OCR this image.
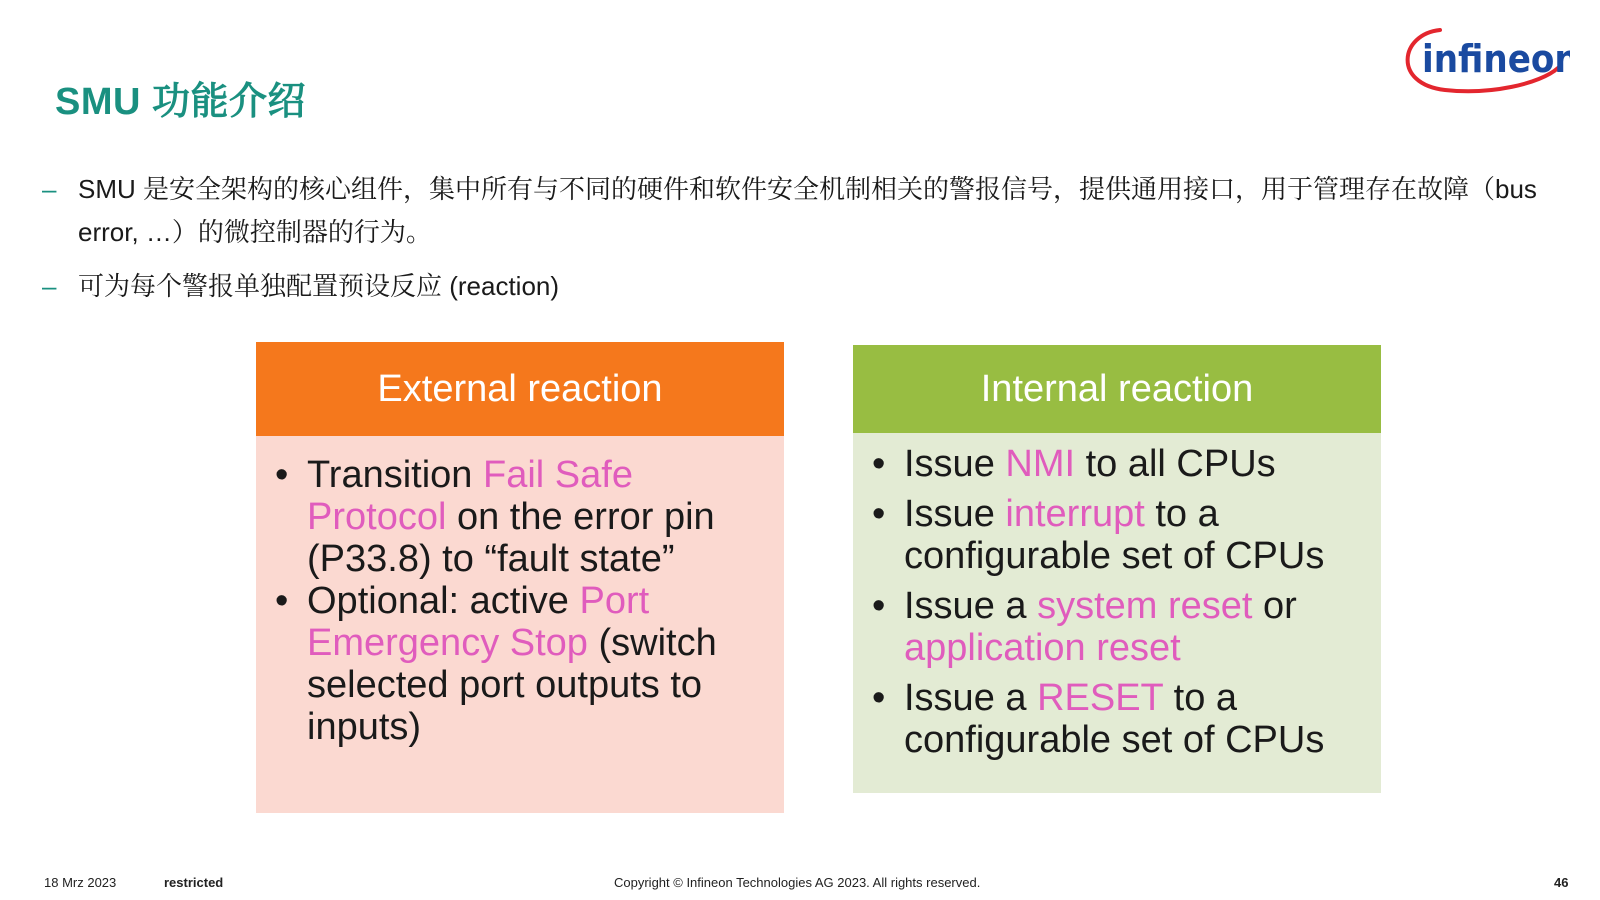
SMU 功能介绍
infineon
– SMU 是安全架构的核心组件，集中所有与不同的硬件和软件安全机制相关的警报信号，提供通用接口，用于管理存在故障（bus error, …）的微控制器的行为。
– 可为每个警报单独配置预设反应 (reaction)
External reaction
• Transition Fail Safe Protocol on the error pin (P33.8) to “fault state”
• Optional: active Port Emergency Stop (switch selected port outputs to inputs)
Internal reaction
• Issue NMI to all CPUs
• Issue interrupt to a configurable set of CPUs
• Issue a system reset or application reset
• Issue a RESET to a configurable set of CPUs
18 Mrz 2023	restricted	Copyright © Infineon Technologies AG 2023. All rights reserved.	46
